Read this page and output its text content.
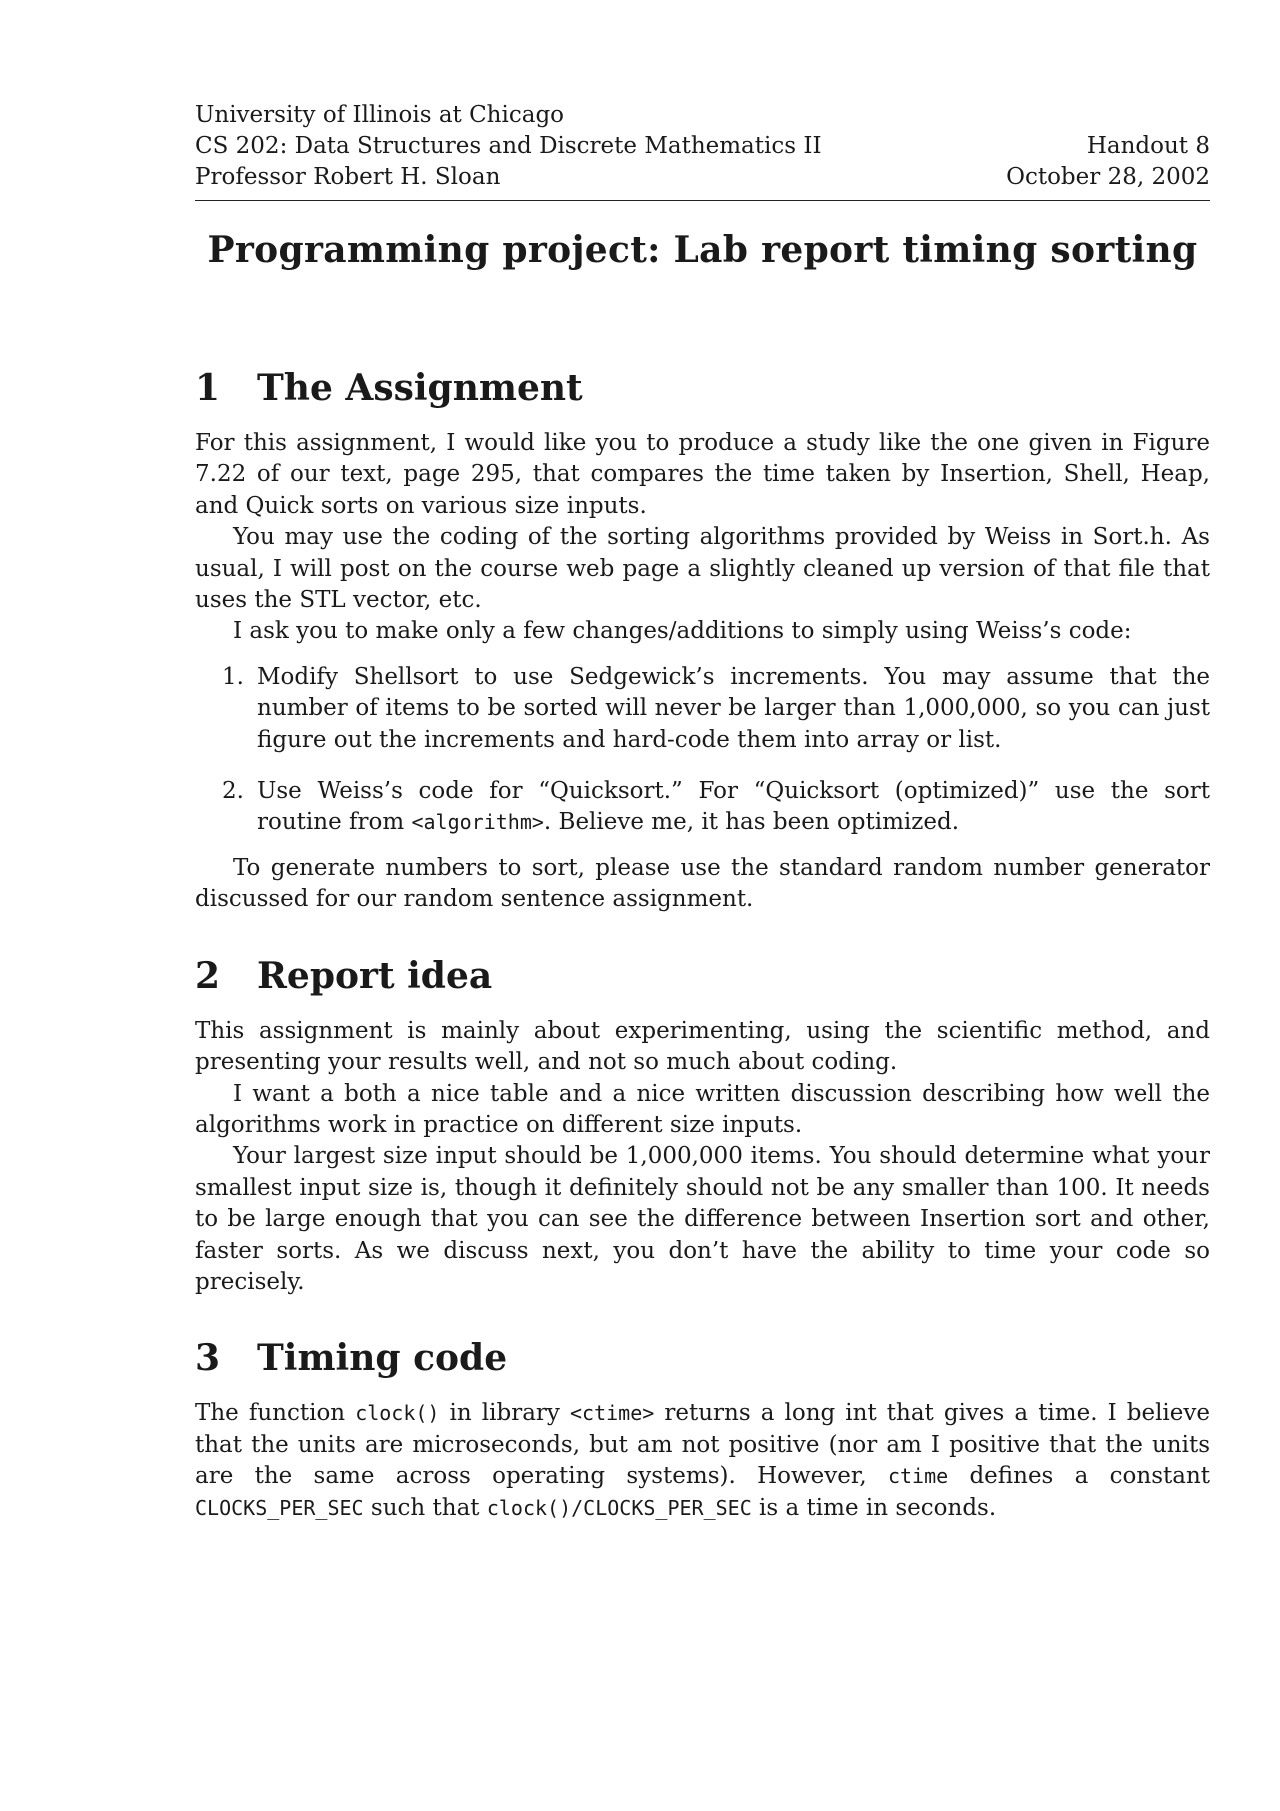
University of Illinois at Chicago
CS 202: Data Structures and Discrete Mathematics II	Handout 8
Professor Robert H. Sloan	October 28, 2002
Programming project: Lab report timing sorting
1	The Assignment

For this assignment, I would like you to produce a study like the one given in Figure 7.22 of our text, page 295, that compares the time taken by Insertion, Shell, Heap, and Quick sorts on various size inputs.

You may use the coding of the sorting algorithms provided by Weiss in Sort.h. As usual, I will post on the course web page a slightly cleaned up version of that file that uses the STL vector, etc.

I ask you to make only a few changes/additions to simply using Weiss’s code:

1. Modify Shellsort to use Sedgewick’s increments. You may assume that the number of items to be sorted will never be larger than 1,000,000, so you can just figure out the increments and hard-code them into array or list.
2. Use Weiss’s code for “Quicksort.” For “Quicksort (optimized)” use the sort routine from <algorithm>. Believe me, it has been optimized.

To generate numbers to sort, please use the standard random number generator discussed for our random sentence assignment.

2	Report idea

This assignment is mainly about experimenting, using the scientific method, and presenting your results well, and not so much about coding.

I want a both a nice table and a nice written discussion describing how well the algorithms work in practice on different size inputs.

Your largest size input should be 1,000,000 items. You should determine what your smallest input size is, though it definitely should not be any smaller than 100. It needs to be large enough that you can see the difference between Insertion sort and other, faster sorts. As we discuss next, you don’t have the ability to time your code so precisely.

3	Timing code

The function clock() in library <ctime> returns a long int that gives a time. I believe that the units are microseconds, but am not positive (nor am I positive that the units are the same across operating systems). However, ctime defines a constant CLOCKS_PER_SEC such that clock()/CLOCKS_PER_SEC is a time in seconds.
